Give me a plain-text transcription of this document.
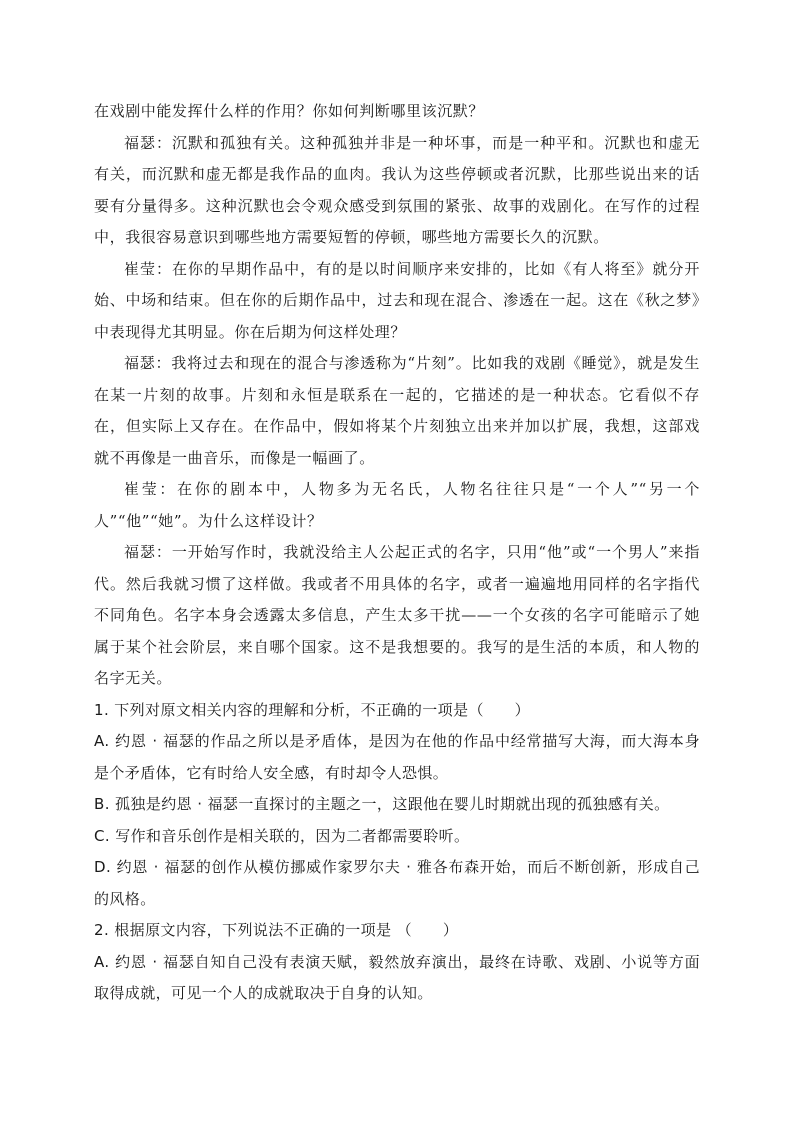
在戏剧中能发挥什么样的作用？你如何判断哪里该沉默？

福瑟：沉默和孤独有关。这种孤独并非是一种坏事，而是一种平和。沉默也和虚无有关，而沉默和虚无都是我作品的血肉。我认为这些停顿或者沉默，比那些说出来的话要有分量得多。这种沉默也会令观众感受到氛围的紧张、故事的戏剧化。在写作的过程中，我很容易意识到哪些地方需要短暂的停顿，哪些地方需要长久的沉默。

崔莹：在你的早期作品中，有的是以时间顺序来安排的，比如《有人将至》就分开始、中场和结束。但在你的后期作品中，过去和现在混合、渗透在一起。这在《秋之梦》中表现得尤其明显。你在后期为何这样处理？

福瑟：我将过去和现在的混合与渗透称为“片刻”。比如我的戏剧《睡觉》，就是发生在某一片刻的故事。片刻和永恒是联系在一起的，它描述的是一种状态。它看似不存在，但实际上又存在。在作品中，假如将某个片刻独立出来并加以扩展，我想，这部戏就不再像是一曲音乐，而像是一幅画了。

崔莹：在你的剧本中，人物多为无名氏，人物名往往只是“一个人”“另一个人”“他”“她”。为什么这样设计？

福瑟：一开始写作时，我就没给主人公起正式的名字，只用“他”或“一个男人”来指代。然后我就习惯了这样做。我或者不用具体的名字，或者一遍遍地用同样的名字指代不同角色。名字本身会透露太多信息，产生太多干扰——一个女孩的名字可能暗示了她属于某个社会阶层，来自哪个国家。这不是我想要的。我写的是生活的本质，和人物的名字无关。

1. 下列对原文相关内容的理解和分析，不正确的一项是（　　）

A. 约恩 · 福瑟的作品之所以是矛盾体，是因为在他的作品中经常描写大海，而大海本身是个矛盾体，它有时给人安全感，有时却令人恐惧。

B. 孤独是约恩 · 福瑟一直探讨的主题之一，这跟他在婴儿时期就出现的孤独感有关。

C. 写作和音乐创作是相关联的，因为二者都需要聆听。

D. 约恩 · 福瑟的创作从模仿挪威作家罗尔夫 · 雅各布森开始，而后不断创新，形成自己的风格。

2. 根据原文内容，下列说法不正确的一项是 （　　）

A. 约恩 · 福瑟自知自己没有表演天赋，毅然放弃演出，最终在诗歌、戏剧、小说等方面取得成就，可见一个人的成就取决于自身的认知。
